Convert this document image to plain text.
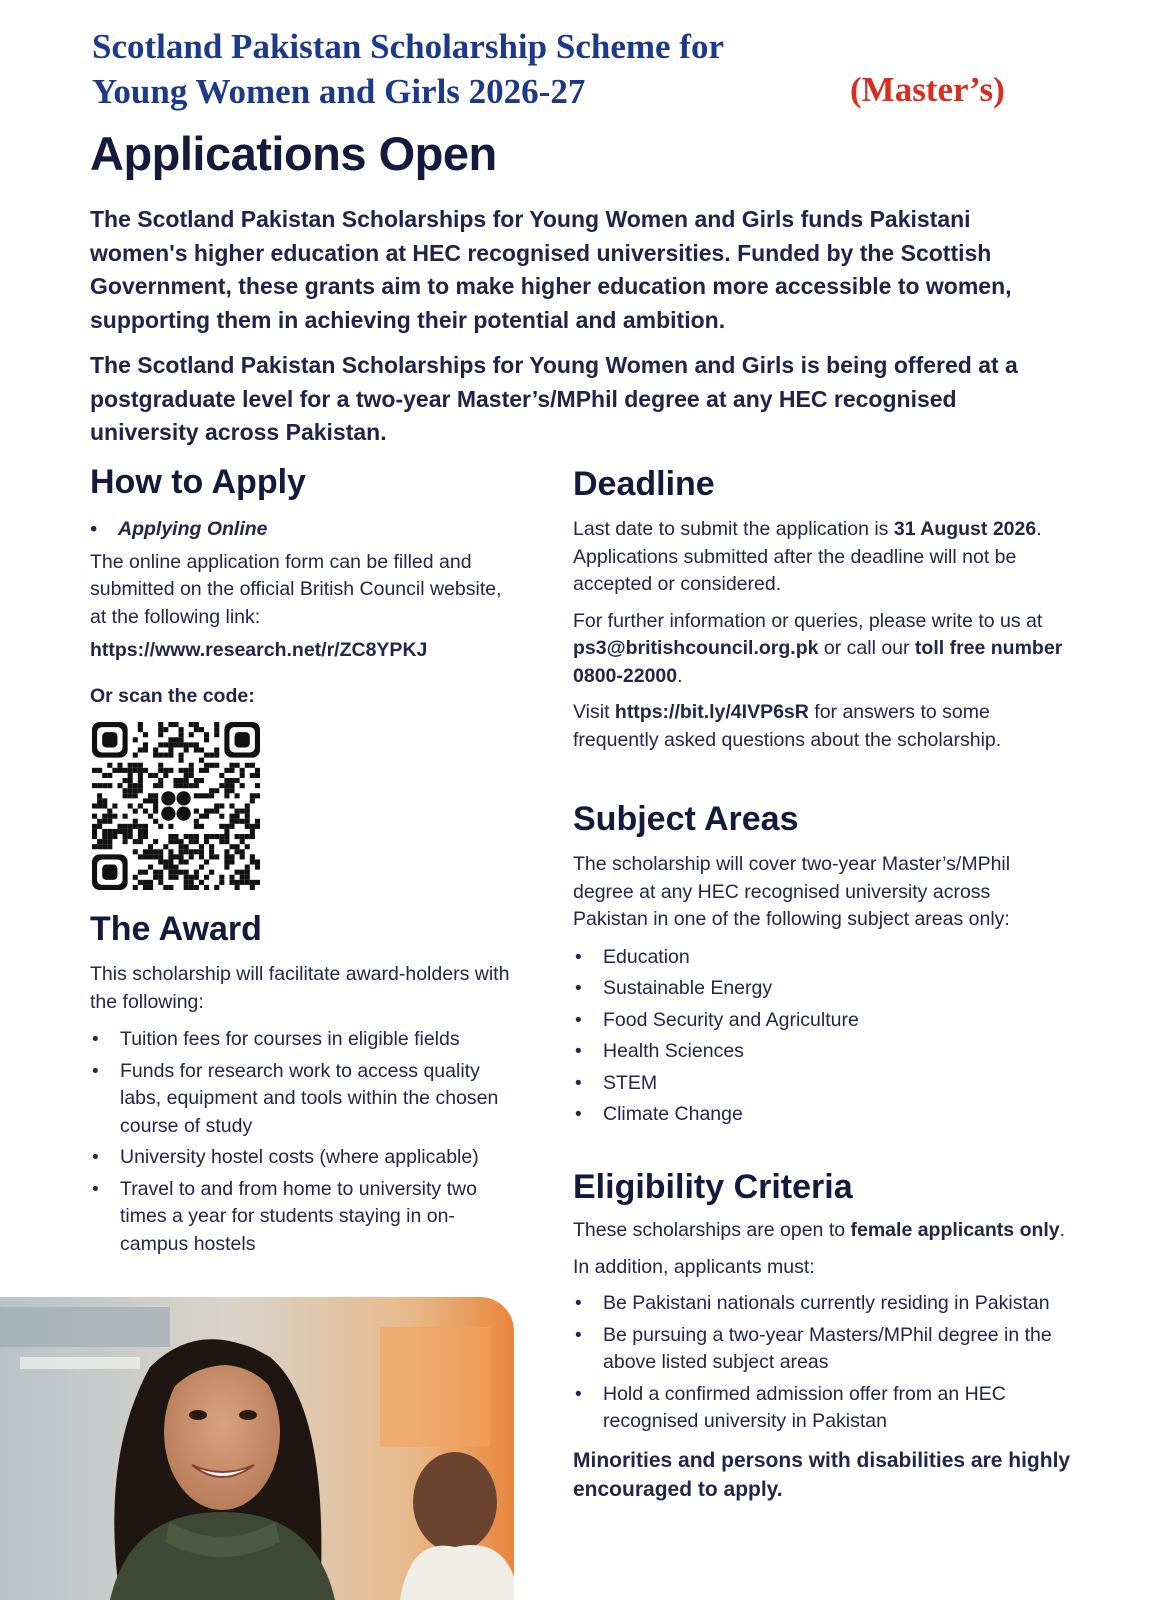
Scotland Pakistan Scholarship Scheme for
Young Women and Girls 2026-27	(Master’s)
Applications Open

The Scotland Pakistan Scholarships for Young Women and Girls funds Pakistani women's higher education at HEC recognised universities. Funded by the Scottish Government, these grants aim to make higher education more accessible to women, supporting them in achieving their potential and ambition.

The Scotland Pakistan Scholarships for Young Women and Girls is being offered at a postgraduate level for a two-year Master’s/MPhil degree at any HEC recognised university across Pakistan.

How to Apply
• Applying Online
The online application form can be filled and submitted on the official British Council website, at the following link:
https://www.research.net/r/ZC8YPKJ
Or scan the code:
The Award
This scholarship will facilitate award-holders with the following:
• Tuition fees for courses in eligible fields
• Funds for research work to access quality labs, equipment and tools within the chosen course of study
• University hostel costs (where applicable)
• Travel to and from home to university two times a year for students staying in on-campus hostels
Deadline

Last date to submit the application is 31 August 2026. Applications submitted after the deadline will not be accepted or considered.

For further information or queries, please write to us at ps3@britishcouncil.org.pk or call our toll free number 0800-22000.

Visit https://bit.ly/4IVP6sR for answers to some frequently asked questions about the scholarship.

Subject Areas
The scholarship will cover two-year Master’s/MPhil degree at any HEC recognised university across Pakistan in one of the following subject areas only:
• Education
• Sustainable Energy
• Food Security and Agriculture
• Health Sciences
• STEM
• Climate Change
Eligibility Criteria

These scholarships are open to female applicants only.

In addition, applicants must:

• Be Pakistani nationals currently residing in Pakistan
• Be pursuing a two-year Masters/MPhil degree in the above listed subject areas
• Hold a confirmed admission offer from an HEC recognised university in Pakistan
Minorities and persons with disabilities are highly encouraged to apply.
